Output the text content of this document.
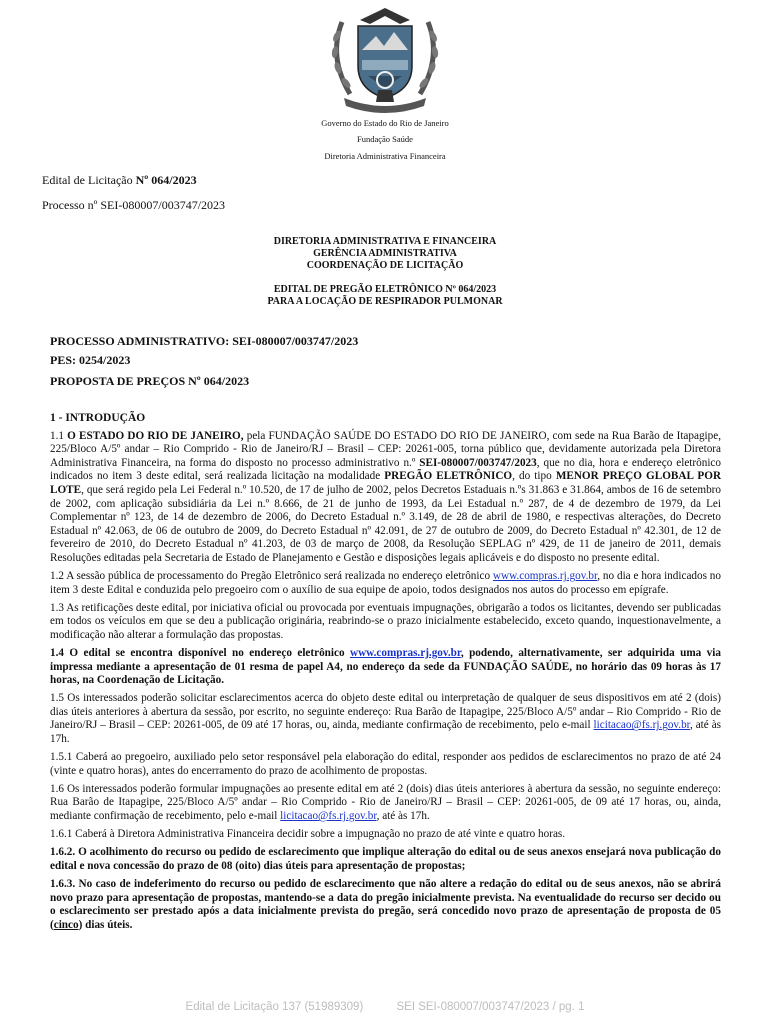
Governo do Estado do Rio de Janeiro
Fundação Saúde
Diretoria Administrativa Financeira
Edital de Licitação Nº 064/2023
Processo nº SEI-080007/003747/2023
DIRETORIA ADMINISTRATIVA E FINANCEIRA
GERÊNCIA ADMINISTRATIVA
COORDENAÇÃO DE LICITAÇÃO
EDITAL DE PREGÃO ELETRÔNICO Nº 064/2023
PARA A LOCAÇÃO DE RESPIRADOR PULMONAR
PROCESSO ADMINISTRATIVO: SEI-080007/003747/2023
PES: 0254/2023
PROPOSTA DE PREÇOS Nº 064/2023
1 - INTRODUÇÃO

1.1 O ESTADO DO RIO DE JANEIRO, pela FUNDAÇÃO SAÚDE DO ESTADO DO RIO DE JANEIRO, com sede na Rua Barão de Itapagipe, 225/Bloco A/5º andar – Rio Comprido - Rio de Janeiro/RJ – Brasil – CEP: 20261-005, torna público que, devidamente autorizada pela Diretora Administrativa Financeira, na forma do disposto no processo administrativo n.º SEI-080007/003747/2023, que no dia, hora e endereço eletrônico indicados no item 3 deste edital, será realizada licitação na modalidade PREGÃO ELETRÔNICO, do tipo MENOR PREÇO GLOBAL POR LOTE, que será regido pela Lei Federal n.º 10.520, de 17 de julho de 2002, pelos Decretos Estaduais n.ºs 31.863 e 31.864, ambos de 16 de setembro de 2002, com aplicação subsidiária da Lei n.º 8.666, de 21 de junho de 1993, da Lei Estadual n.º 287, de 4 de dezembro de 1979, da Lei Complementar nº 123, de 14 de dezembro de 2006, do Decreto Estadual n.º 3.149, de 28 de abril de 1980, e respectivas alterações, do Decreto Estadual nº 42.063, de 06 de outubro de 2009, do Decreto Estadual nº 42.091, de 27 de outubro de 2009, do Decreto Estadual nº 42.301, de 12 de fevereiro de 2010, do Decreto Estadual nº 41.203, de 03 de março de 2008, da Resolução SEPLAG nº 429, de 11 de janeiro de 2011, demais Resoluções editadas pela Secretaria de Estado de Planejamento e Gestão e disposições legais aplicáveis e do disposto no presente edital.

1.2 A sessão pública de processamento do Pregão Eletrônico será realizada no endereço eletrônico www.compras.rj.gov.br, no dia e hora indicados no item 3 deste Edital e conduzida pelo pregoeiro com o auxílio de sua equipe de apoio, todos designados nos autos do processo em epígrafe.

1.3 As retificações deste edital, por iniciativa oficial ou provocada por eventuais impugnações, obrigarão a todos os licitantes, devendo ser publicadas em todos os veículos em que se deu a publicação originária, reabrindo-se o prazo inicialmente estabelecido, exceto quando, inquestionavelmente, a modificação não alterar a formulação das propostas.

1.4 O edital se encontra disponível no endereço eletrônico www.compras.rj.gov.br, podendo, alternativamente, ser adquirida uma via impressa mediante a apresentação de 01 resma de papel A4, no endereço da sede da FUNDAÇÃO SAÚDE, no horário das 09 horas às 17 horas, na Coordenação de Licitação.

1.5 Os interessados poderão solicitar esclarecimentos acerca do objeto deste edital ou interpretação de qualquer de seus dispositivos em até 2 (dois) dias úteis anteriores à abertura da sessão, por escrito, no seguinte endereço: Rua Barão de Itapagipe, 225/Bloco A/5º andar – Rio Comprido - Rio de Janeiro/RJ – Brasil – CEP: 20261-005, de 09 até 17 horas, ou, ainda, mediante confirmação de recebimento, pelo e-mail licitacao@fs.rj.gov.br, até às 17h.

1.5.1 Caberá ao pregoeiro, auxiliado pelo setor responsável pela elaboração do edital, responder aos pedidos de esclarecimentos no prazo de até 24 (vinte e quatro horas), antes do encerramento do prazo de acolhimento de propostas.

1.6 Os interessados poderão formular impugnações ao presente edital em até 2 (dois) dias úteis anteriores à abertura da sessão, no seguinte endereço: Rua Barão de Itapagipe, 225/Bloco A/5º andar – Rio Comprido - Rio de Janeiro/RJ – Brasil – CEP: 20261-005, de 09 até 17 horas, ou, ainda, mediante confirmação de recebimento, pelo e-mail licitacao@fs.rj.gov.br, até às 17h.

1.6.1 Caberá à Diretora Administrativa Financeira decidir sobre a impugnação no prazo de até vinte e quatro horas.

1.6.2. O acolhimento do recurso ou pedido de esclarecimento que implique alteração do edital ou de seus anexos ensejará nova publicação do edital e nova concessão do prazo de 08 (oito) dias úteis para apresentação de propostas;

1.6.3. No caso de indeferimento do recurso ou pedido de esclarecimento que não altere a redação do edital ou de seus anexos, não se abrirá novo prazo para apresentação de propostas, mantendo-se a data do pregão inicialmente prevista. Na eventualidade do recurso ser decido ou o esclarecimento ser prestado após a data inicialmente prevista do pregão, será concedido novo prazo de apresentação de proposta de 05 (cinco) dias úteis.

Edital de Licitação 137 (51989309)	SEI SEI-080007/003747/2023 / pg. 1
